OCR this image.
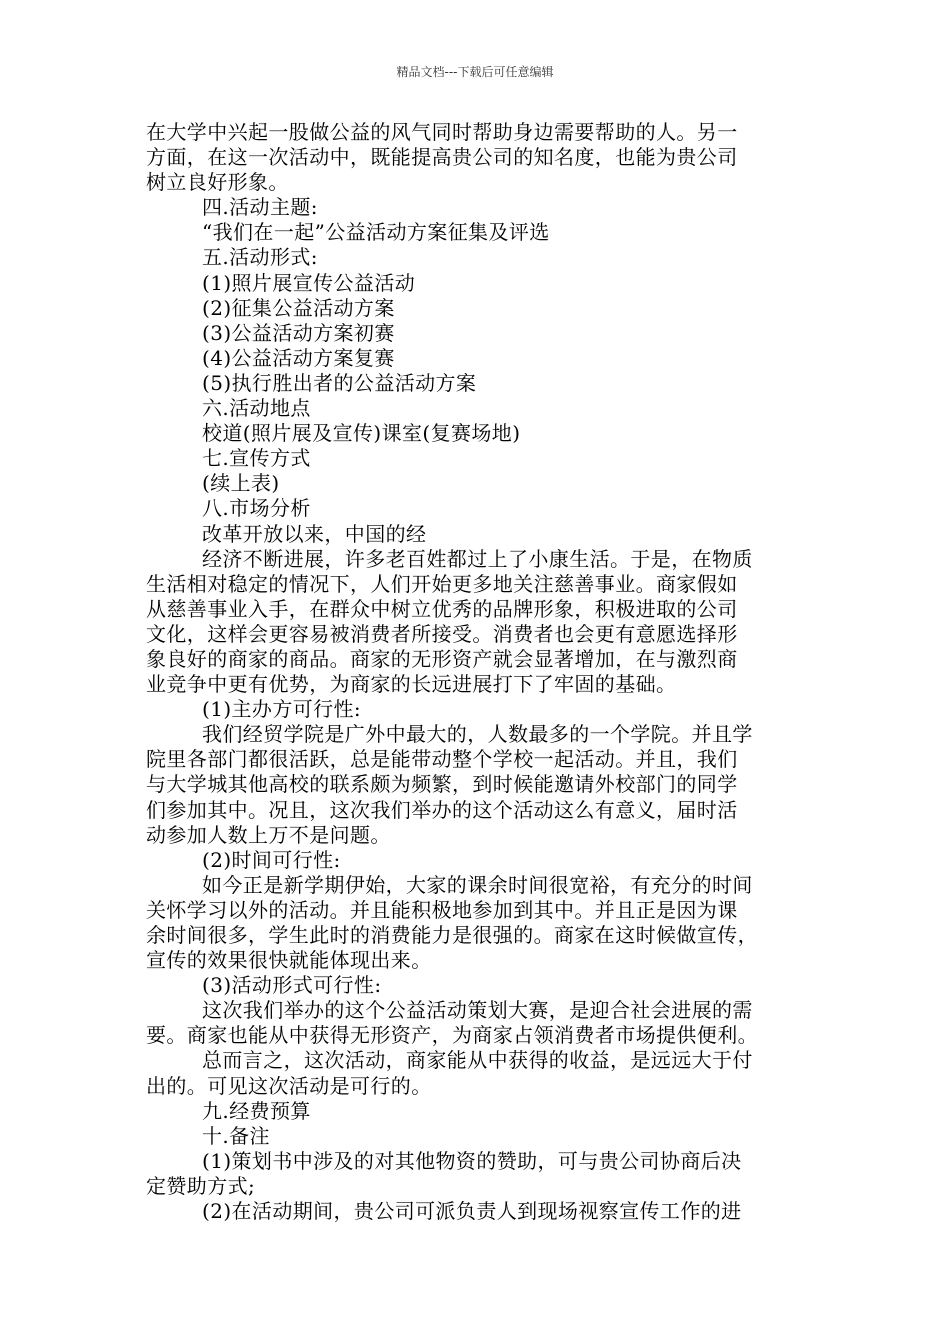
精品文档---下载后可任意编辑

在大学中兴起一股做公益的风气同时帮助身边需要帮助的人。另一

方面，在这一次活动中，既能提高贵公司的知名度，也能为贵公司

树立良好形象。

四.活动主题:

“我们在一起”公益活动方案征集及评选

五.活动形式:

(1)照片展宣传公益活动

(2)征集公益活动方案

(3)公益活动方案初赛

(4)公益活动方案复赛

(5)执行胜出者的公益活动方案

六.活动地点

校道(照片展及宣传)课室(复赛场地)

七.宣传方式

(续上表)

八.市场分析

改革开放以来，中国的经

经济不断进展，许多老百姓都过上了小康生活。于是，在物质

生活相对稳定的情况下，人们开始更多地关注慈善事业。商家假如

从慈善事业入手，在群众中树立优秀的品牌形象，积极进取的公司

文化，这样会更容易被消费者所接受。消费者也会更有意愿选择形

象良好的商家的商品。商家的无形资产就会显著增加，在与激烈商

业竞争中更有优势，为商家的长远进展打下了牢固的基础。

(1)主办方可行性:

我们经贸学院是广外中最大的，人数最多的一个学院。并且学

院里各部门都很活跃，总是能带动整个学校一起活动。并且，我们

与大学城其他高校的联系颇为频繁，到时候能邀请外校部门的同学

们参加其中。况且，这次我们举办的这个活动这么有意义，届时活

动参加人数上万不是问题。

(2)时间可行性:

如今正是新学期伊始，大家的课余时间很宽裕，有充分的时间

关怀学习以外的活动。并且能积极地参加到其中。并且正是因为课

余时间很多，学生此时的消费能力是很强的。商家在这时候做宣传，

宣传的效果很快就能体现出来。

(3)活动形式可行性:

这次我们举办的这个公益活动策划大赛，是迎合社会进展的需

要。商家也能从中获得无形资产，为商家占领消费者市场提供便利。

总而言之，这次活动，商家能从中获得的收益，是远远大于付

出的。可见这次活动是可行的。

九.经费预算

十.备注

(1)策划书中涉及的对其他物资的赞助，可与贵公司协商后决

定赞助方式;

(2)在活动期间，贵公司可派负责人到现场视察宣传工作的进
